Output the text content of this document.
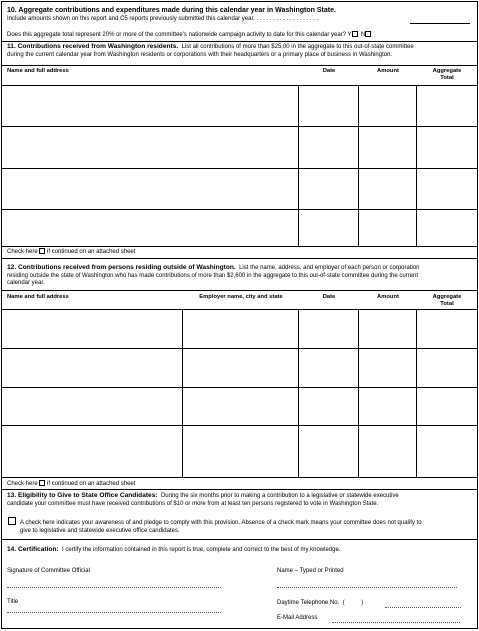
10. Aggregate contributions and expenditures made during this calendar year in Washington State.
Include amounts shown on this report and C5 reports previously submitted this calendar year. . . . . . . . . . . . . . . . . . . .
Does this aggregate total represent 20% or more of the committee's nationwide campaign activity to date for this calendar year? Y N
11. Contributions received from Washington residents. List all contributions of more than $25.00 in the aggregate to this out-of-state committee
during the current calendar year from Washington residents or corporations with their headquarters or a primary place of business in Washington.
Name and full address	Date	Amount	Aggregate
Total
Check here if continued on an attached sheet
12. Contributions received from persons residing outside of Washington. List the name, address, and employer of each person or corporation
residing outside the state of Washington who has made contributions of more than $2,600 in the aggregate to this out-of-state committee during the current
calendar year.
Name and full address	Employer name, city and state	Date	Amount	Aggregate
Total
Check here if continued on an attached sheet
13. Eligibility to Give to State Office Candidates: During the six months prior to making a contribution to a legislative or statewide executive
candidate your committee must have received contributions of $10 or more from at least ten persons registered to vote in Washington State.
A check here indicates your awareness of and pledge to comply with this provision. Absence of a check mark means your committee does not qualify to
give to legislative and statewide executive office candidates.
14. Certification: I certify the information contained in this report is true, complete and correct to the best of my knowledge.
Signature of Committee Official	Name – Typed or Printed
Title	Daytime Telephone No.  (          )
E-Mail Address
